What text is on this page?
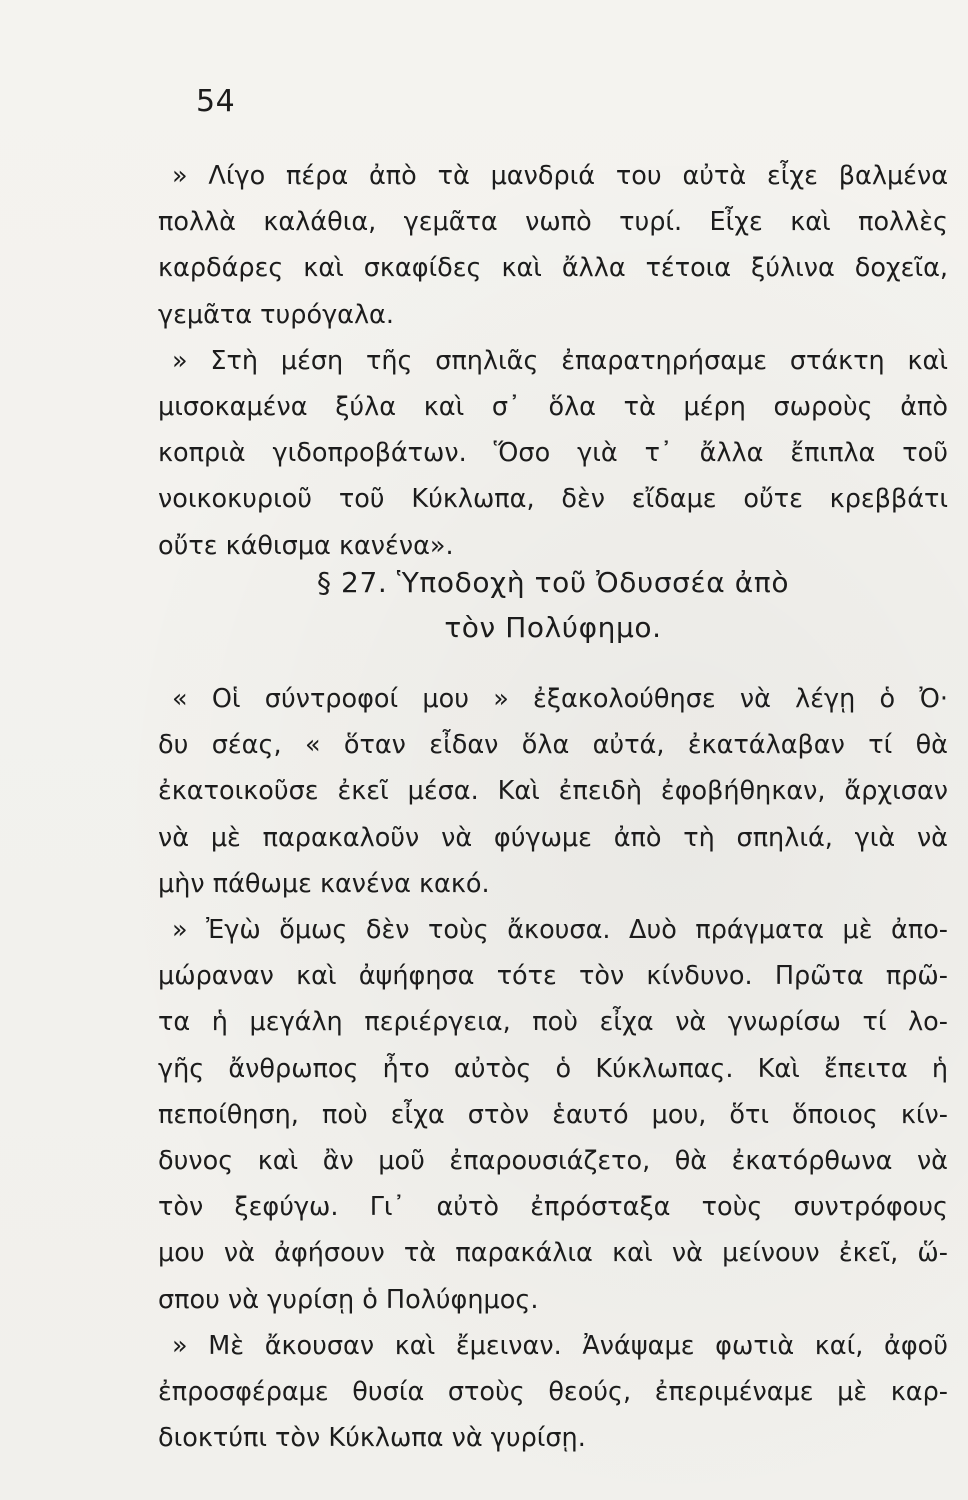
54
» Λίγο πέρα ἀπὸ τὰ μανδριά του αὐτὰ εἶχε βαλμένα
πολλὰ καλάθια, γεμᾶτα νωπὸ τυρί. Εἶχε καὶ πολλὲς
καρδάρες καὶ σκαφίδες καὶ ἄλλα τέτοια ξύλινα δοχεῖα,
γεμᾶτα τυρόγαλα.
» Στὴ μέση τῆς σπηλιᾶς ἐπαρατηρήσαμε στάκτη καὶ
μισοκαμένα ξύλα καὶ σ᾿ ὅλα τὰ μέρη σωροὺς ἀπὸ
κοπριὰ γιδοπροβάτων. Ὅσο γιὰ τ᾿ ἄλλα ἔπιπλα τοῦ
νοικοκυριοῦ τοῦ Κύκλωπα, δὲν εἴδαμε οὔτε κρεββάτι
οὔτε κάθισμα κανένα».
§ 27. Ὑποδοχὴ τοῦ Ὀδυσσέα ἀπὸ
τὸν Πολύφημο.
« Οἱ σύντροφοί μου » ἐξακολούθησε νὰ λέγῃ ὁ Ὀ·
δυ σέας, « ὅταν εἶδαν ὅλα αὐτά, ἐκατάλαβαν τί θὰ
ἐκατοικοῦσε ἐκεῖ μέσα. Καὶ ἐπειδὴ ἐφοβήθηκαν, ἄρχισαν
νὰ μὲ παρακαλοῦν νὰ φύγωμε ἀπὸ τὴ σπηλιά, γιὰ νὰ
μὴν πάθωμε κανένα κακό.
» Ἐγὼ ὅμως δὲν τοὺς ἄκουσα. Δυὸ πράγματα μὲ ἀπο-
μώραναν καὶ ἀψήφησα τότε τὸν κίνδυνο. Πρῶτα πρῶ-
τα ἡ μεγάλη περιέργεια, ποὺ εἶχα νὰ γνωρίσω τί λο-
γῆς ἄνθρωπος ἦτο αὐτὸς ὁ Κύκλωπας. Καὶ ἔπειτα ἡ
πεποίθηση, ποὺ εἶχα στὸν ἑαυτό μου, ὅτι ὅποιος κίν-
δυνος καὶ ἂν μοῦ ἐπαρουσιάζετο, θὰ ἐκατόρθωνα νὰ
τὸν ξεφύγω. Γι᾿ αὐτὸ ἐπρόσταξα τοὺς συντρόφους
μου νὰ ἀφήσουν τὰ παρακάλια καὶ νὰ μείνουν ἐκεῖ, ὥ-
σπου νὰ γυρίσῃ ὁ Πολύφημος.
» Μὲ ἄκουσαν καὶ ἔμειναν. Ἀνάψαμε φωτιὰ καί, ἀφοῦ
ἐπροσφέραμε θυσία στοὺς θεούς, ἐπεριμέναμε μὲ καρ-
διοκτύπι τὸν Κύκλωπα νὰ γυρίσῃ.
